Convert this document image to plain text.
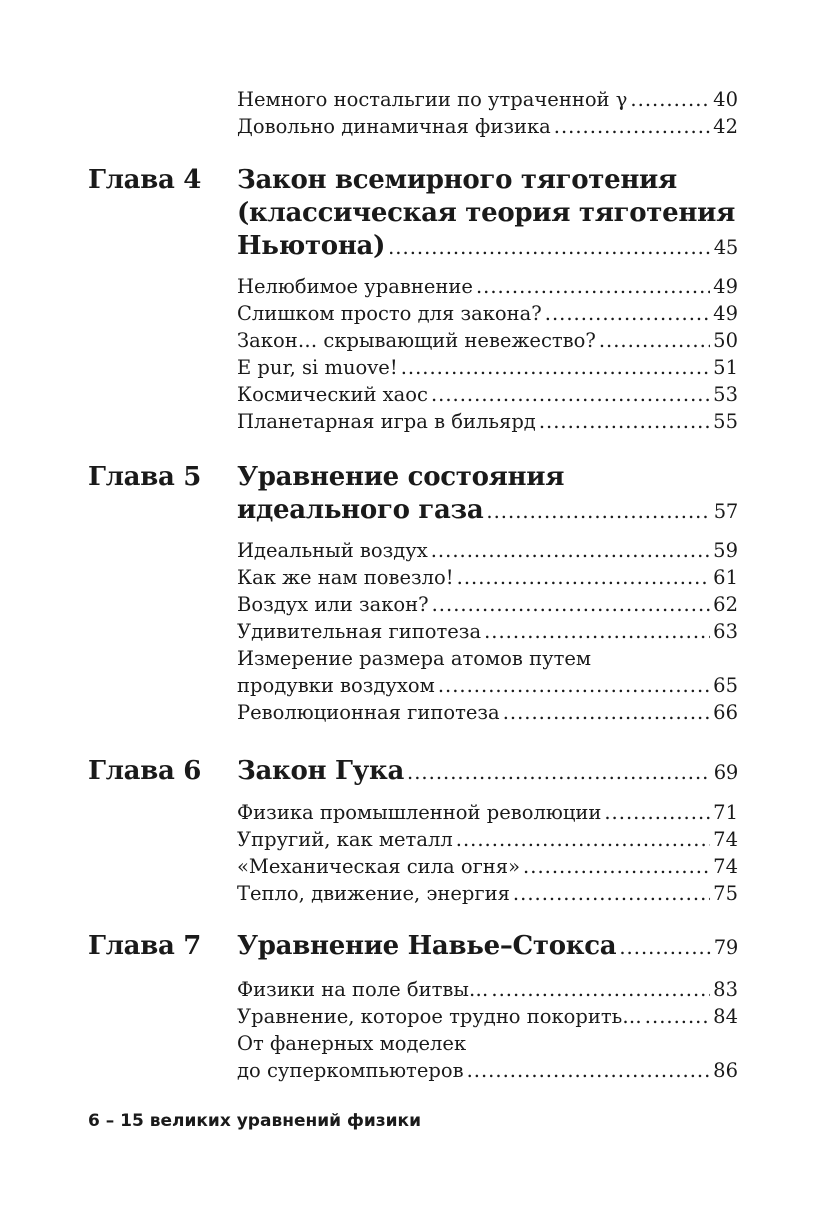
Немного ностальгии по утраченной γ .....	40
Довольно динамичная физика .....	42
Глава 4 Закон всемирного тяготения
(классическая теория тяготения
Ньютона) .....	45
Нелюбимое уравнение .....	49
Слишком просто для закона? .....	49
Закон… скрывающий невежество? .....	50
E pur, si muove! .....	51
Космический хаос .....	53
Планетарная игра в бильярд .....	55
Глава 5 Уравнение состояния
идеального газа .....	57
Идеальный воздух .....	59
Как же нам повезло! .....	61
Воздух или закон? .....	62
Удивительная гипотеза .....	63
Измерение размера атомов путем
продувки воздухом .....	65
Революционная гипотеза .....	66
Глава 6 Закон Гука .....	69
Физика промышленной революции .....	71
Упругий, как металл .....	74
«Механическая сила огня» .....	74
Тепло, движение, энергия .....	75
Глава 7 Уравнение Навье–Стокса .....	79
Физики на поле битвы… .....	83
Уравнение, которое трудно покорить… .....	84
От фанерных моделек
до суперкомпьютеров .....	86
6 – 15 великих уравнений физики
